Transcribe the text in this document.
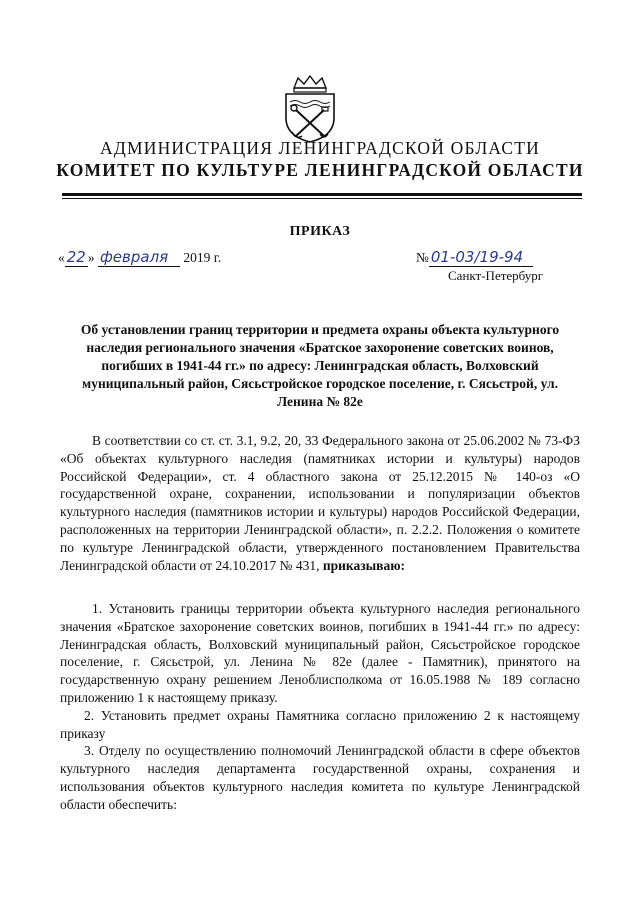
АДМИНИСТРАЦИЯ ЛЕНИНГРАДСКОЙ ОБЛАСТИ
КОМИТЕТ ПО КУЛЬТУРЕ ЛЕНИНГРАДСКОЙ ОБЛАСТИ
ПРИКАЗ
« 22 » февраля 2019 г.	№ 01-03/19-94
Санкт-Петербург
Об установлении границ территории и предмета охраны объекта культурного наследия регионального значения «Братское захоронение советских воинов, погибших в 1941-44 гг.» по адресу: Ленинградская область, Волховский муниципальный район, Сясьстройское городское поселение, г. Сясьстрой, ул. Ленина № 82е

В соответствии со ст. ст. 3.1, 9.2, 20, 33 Федерального закона от 25.06.2002 № 73-ФЗ «Об объектах культурного наследия (памятниках истории и культуры) народов Российской Федерации», ст. 4 областного закона от 25.12.2015 № 140-оз «О государственной охране, сохранении, использовании и популяризации объектов культурного наследия (памятников истории и культуры) народов Российской Федерации, расположенных на территории Ленинградской области», п. 2.2.2. Положения о комитете по культуре Ленинградской области, утвержденного постановлением Правительства Ленинградской области от 24.10.2017 № 431, приказываю:

1. Установить границы территории объекта культурного наследия регионального значения «Братское захоронение советских воинов, погибших в 1941-44 гг.» по адресу: Ленинградская область, Волховский муниципальный район, Сясьстройское городское поселение, г. Сясьстрой, ул. Ленина № 82е (далее - Памятник), принятого на государственную охрану решением Леноблисполкома от 16.05.1988 № 189 согласно приложению 1 к настоящему приказу.

2. Установить предмет охраны Памятника согласно приложению 2 к настоящему приказу

3. Отделу по осуществлению полномочий Ленинградской области в сфере объектов культурного наследия департамента государственной охраны, сохранения и использования объектов культурного наследия комитета по культуре Ленинградской области обеспечить:
